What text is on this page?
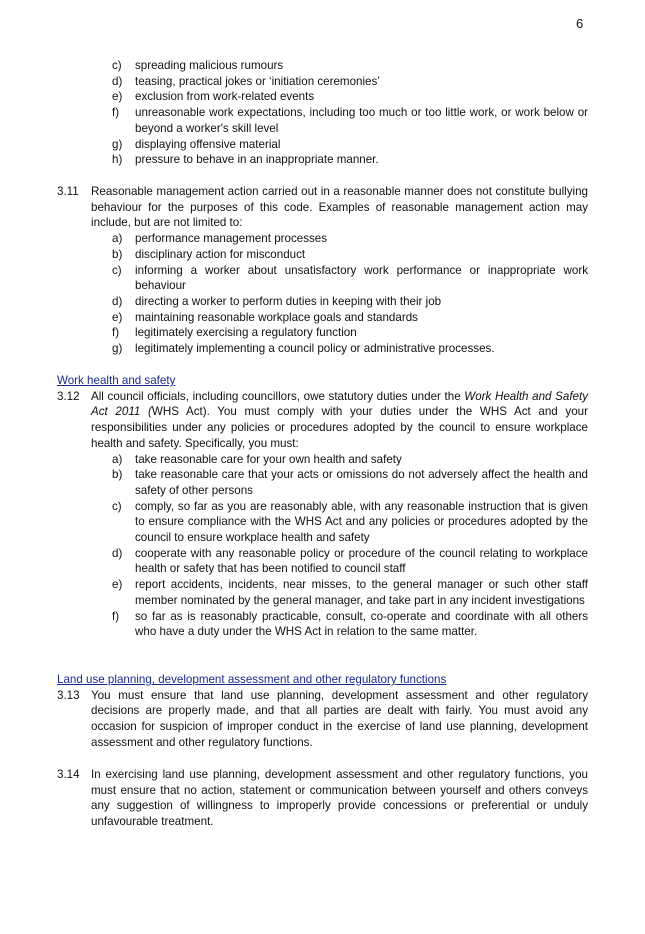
6
c) spreading malicious rumours
d) teasing, practical jokes or ‘initiation ceremonies’
e) exclusion from work-related events
f) unreasonable work expectations, including too much or too little work, or work below or beyond a worker's skill level
g) displaying offensive material
h) pressure to behave in an inappropriate manner.
3.11 Reasonable management action carried out in a reasonable manner does not constitute bullying behaviour for the purposes of this code. Examples of reasonable management action may include, but are not limited to:
a) performance management processes
b) disciplinary action for misconduct
c) informing a worker about unsatisfactory work performance or inappropriate work behaviour
d) directing a worker to perform duties in keeping with their job
e) maintaining reasonable workplace goals and standards
f) legitimately exercising a regulatory function
g) legitimately implementing a council policy or administrative processes.
Work health and safety
3.12 All council officials, including councillors, owe statutory duties under the Work Health and Safety Act 2011 (WHS Act). You must comply with your duties under the WHS Act and your responsibilities under any policies or procedures adopted by the council to ensure workplace health and safety. Specifically, you must:
a) take reasonable care for your own health and safety
b) take reasonable care that your acts or omissions do not adversely affect the health and safety of other persons
c) comply, so far as you are reasonably able, with any reasonable instruction that is given to ensure compliance with the WHS Act and any policies or procedures adopted by the council to ensure workplace health and safety
d) cooperate with any reasonable policy or procedure of the council relating to workplace health or safety that has been notified to council staff
e) report accidents, incidents, near misses, to the general manager or such other staff member nominated by the general manager, and take part in any incident investigations
f) so far as is reasonably practicable, consult, co-operate and coordinate with all others who have a duty under the WHS Act in relation to the same matter.
Land use planning, development assessment and other regulatory functions
3.13 You must ensure that land use planning, development assessment and other regulatory decisions are properly made, and that all parties are dealt with fairly. You must avoid any occasion for suspicion of improper conduct in the exercise of land use planning, development assessment and other regulatory functions.
3.14 In exercising land use planning, development assessment and other regulatory functions, you must ensure that no action, statement or communication between yourself and others conveys any suggestion of willingness to improperly provide concessions or preferential or unduly unfavourable treatment.
